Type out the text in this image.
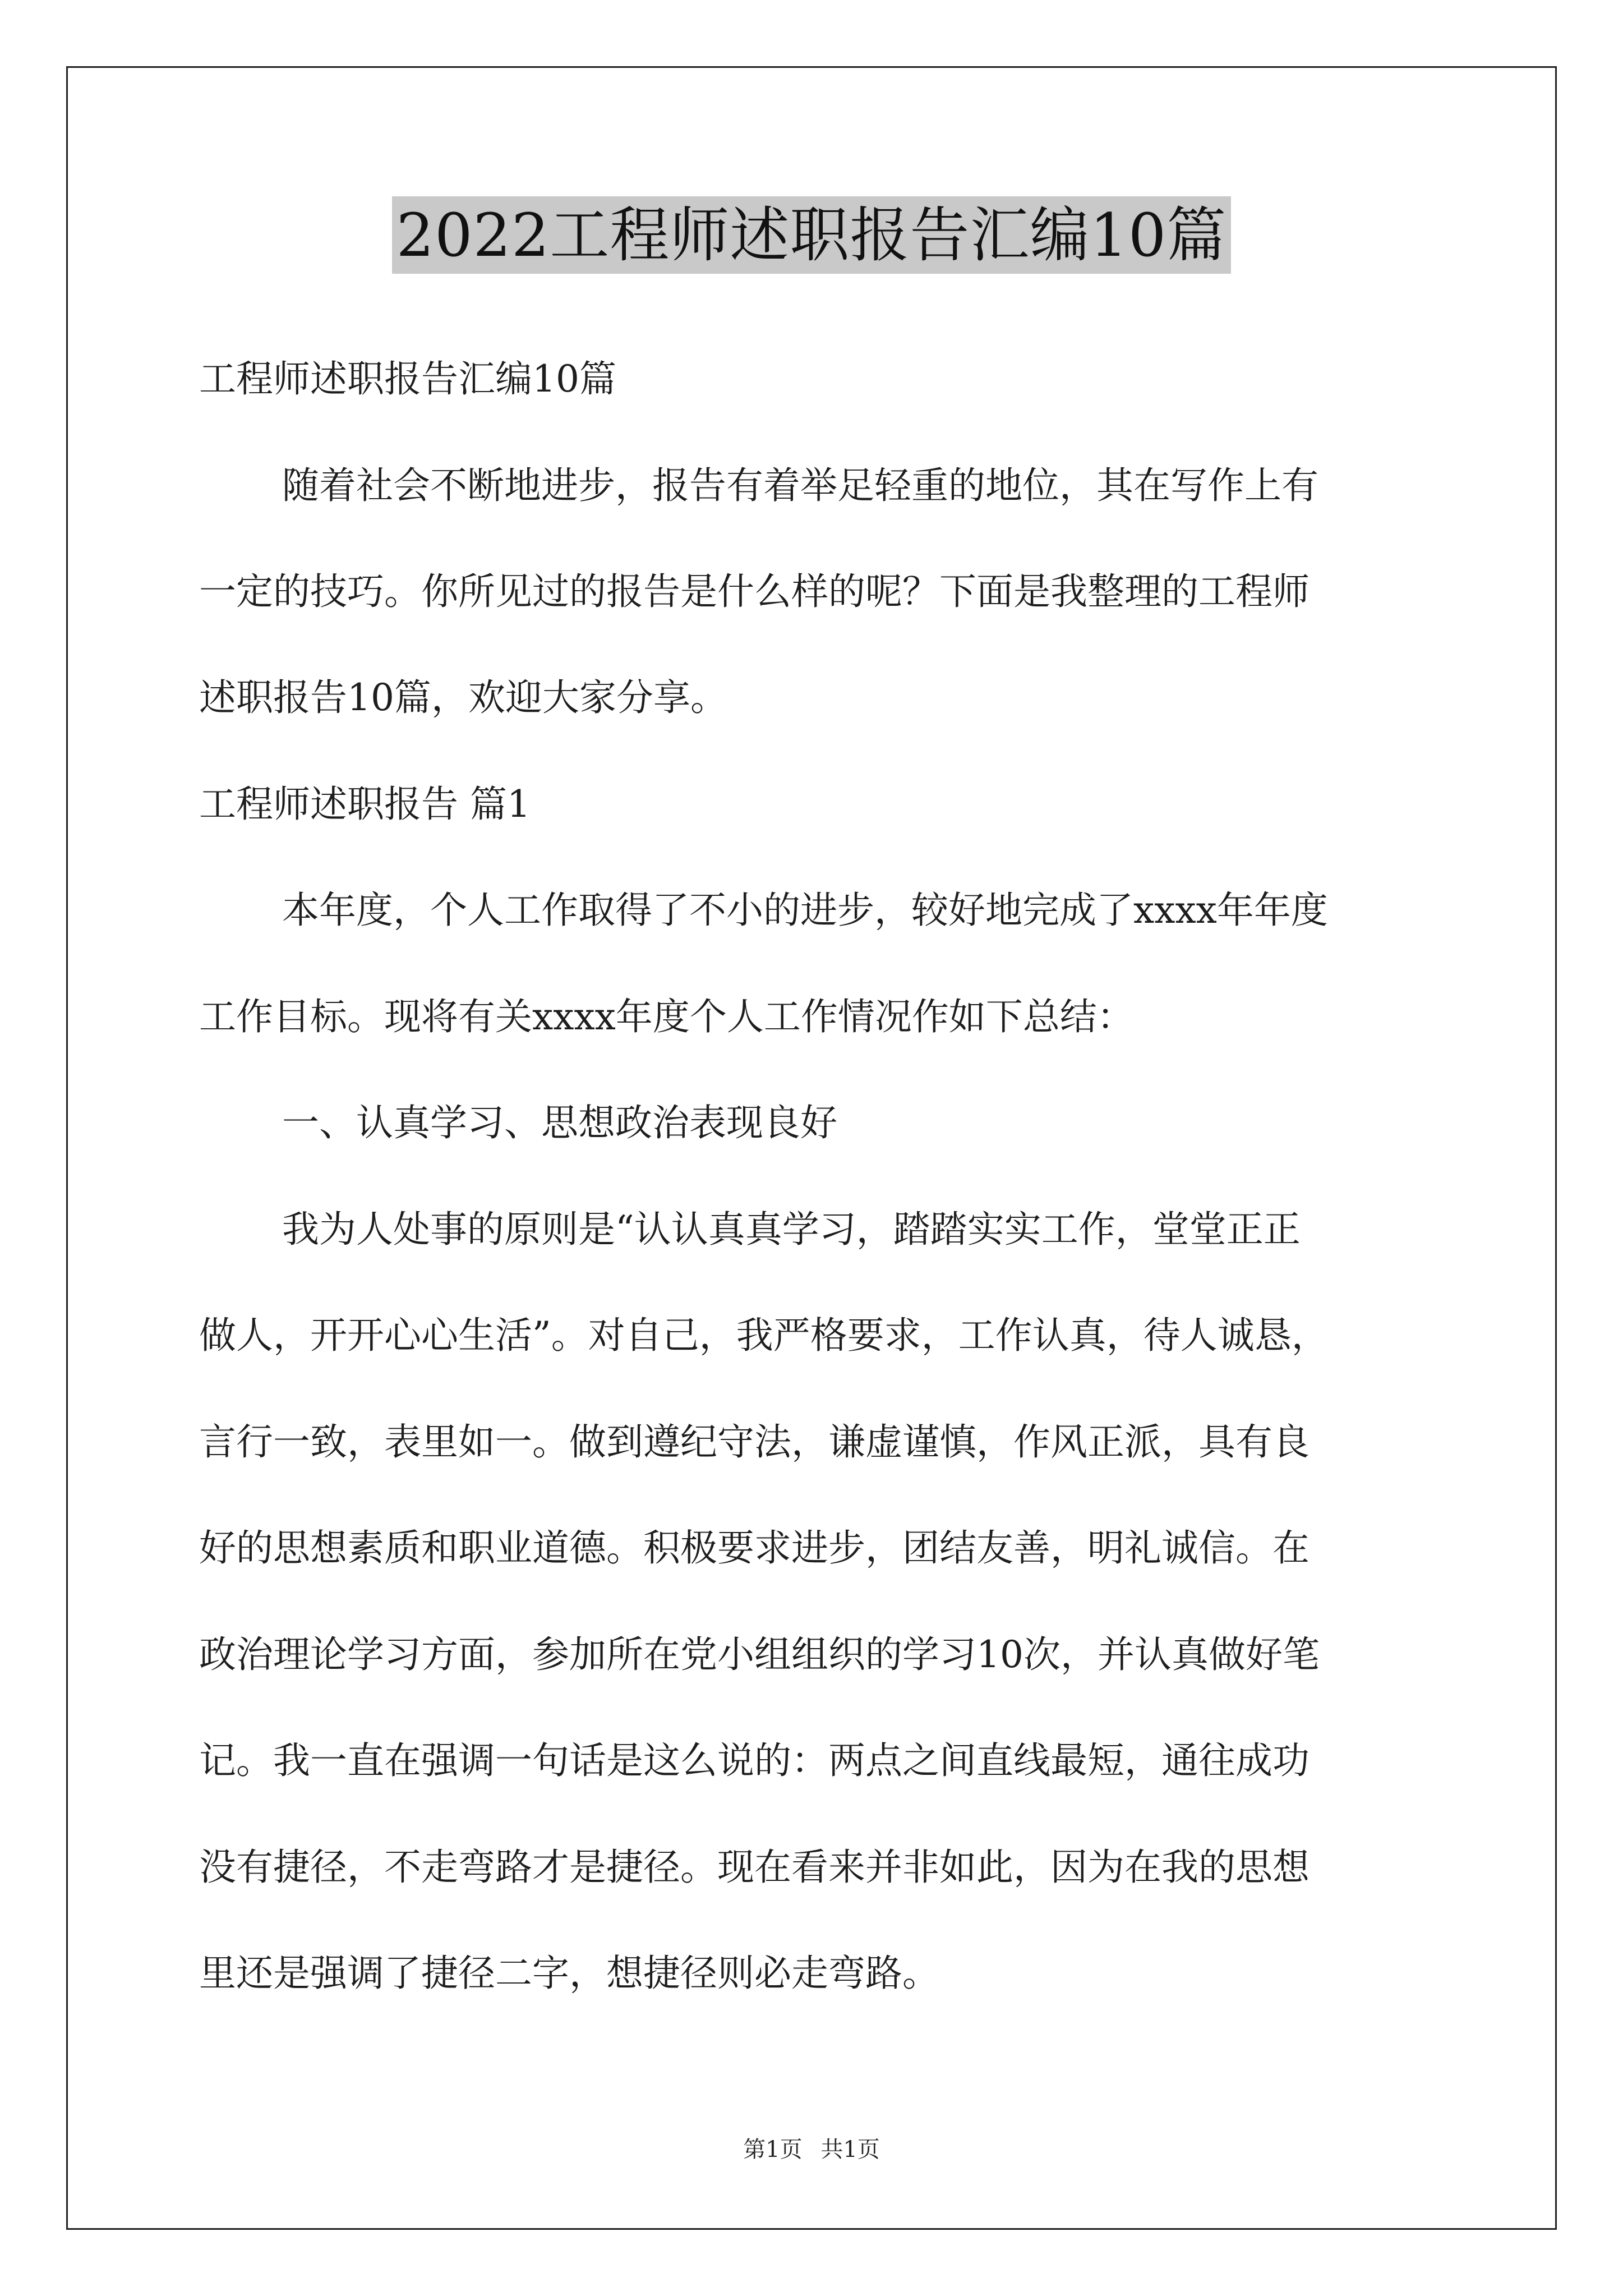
2022工程师述职报告汇编10篇
工程师述职报告汇编10篇
随着社会不断地进步，报告有着举足轻重的地位，其在写作上有
一定的技巧。你所见过的报告是什么样的呢？下面是我整理的工程师
述职报告10篇，欢迎大家分享。
工程师述职报告 篇1
本年度，个人工作取得了不小的进步，较好地完成了xxxx年年度
工作目标。现将有关xxxx年度个人工作情况作如下总结：
一、认真学习、思想政治表现良好
我为人处事的原则是“认认真真学习，踏踏实实工作，堂堂正正
做人，开开心心生活”。对自己，我严格要求，工作认真，待人诚恳，
言行一致，表里如一。做到遵纪守法，谦虚谨慎，作风正派，具有良
好的思想素质和职业道德。积极要求进步，团结友善，明礼诚信。在
政治理论学习方面，参加所在党小组组织的学习10次，并认真做好笔
记。我一直在强调一句话是这么说的：两点之间直线最短，通往成功
没有捷径，不走弯路才是捷径。现在看来并非如此，因为在我的思想
里还是强调了捷径二字，想捷径则必走弯路。
第1页 共1页
